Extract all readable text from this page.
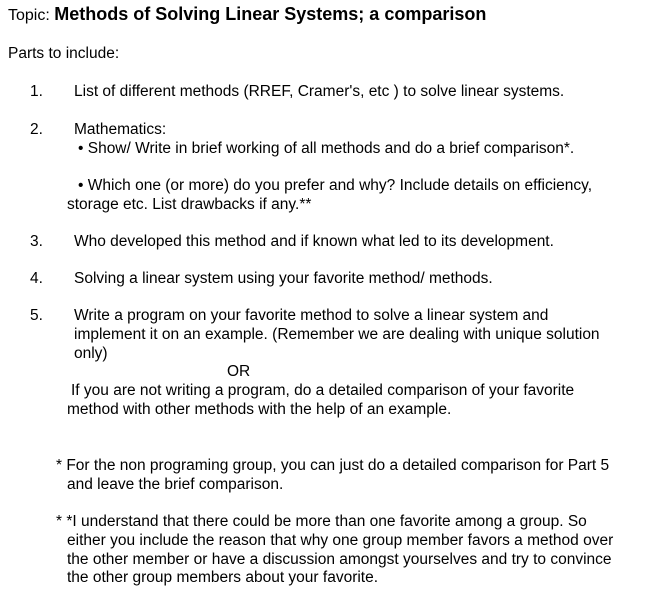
Topic: Methods of Solving Linear Systems; a comparison
Parts to include:
1.	List of different methods (RREF, Cramer's, etc ) to solve linear systems.
2.	Mathematics:
• Show/ Write in brief working of all methods and do a brief comparison*.
• Which one (or more) do you prefer and why? Include details on efficiency,
storage etc. List drawbacks if any.**
3.	Who developed this method and if known what led to its development.
4.	Solving a linear system using your favorite method/ methods.
5.	Write a program on your favorite method to solve a linear system and
implement it on an example. (Remember we are dealing with unique solution
only)
OR
If you are not writing a program, do a detailed comparison of your favorite
method with other methods with the help of an example.
* For the non programing group, you can just do a detailed comparison for Part 5
and leave the brief comparison.
* *I understand that there could be more than one favorite among a group. So
either you include the reason that why one group member favors a method over
the other member or have a discussion amongst yourselves and try to convince
the other group members about your favorite.
